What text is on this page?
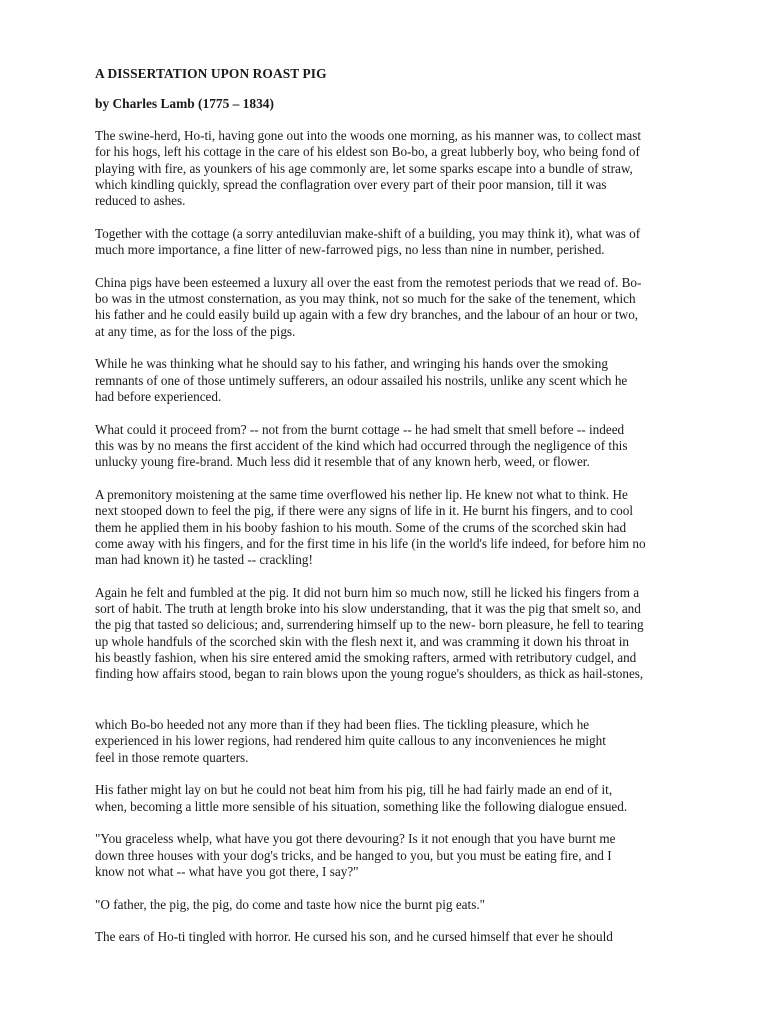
A DISSERTATION UPON ROAST PIG
by Charles Lamb (1775 – 1834)

The swine-herd, Ho-ti, having gone out into the woods one morning, as his manner was, to collect mast
for his hogs, left his cottage in the care of his eldest son Bo-bo, a great lubberly boy, who being fond of
playing with fire, as younkers of his age commonly are, let some sparks escape into a bundle of straw,
which kindling quickly, spread the conflagration over every part of their poor mansion, till it was
reduced to ashes.

Together with the cottage (a sorry antediluvian make-shift of a building, you may think it), what was of
much more importance, a fine litter of new-farrowed pigs, no less than nine in number, perished.

China pigs have been esteemed a luxury all over the east from the remotest periods that we read of. Bo-
bo was in the utmost consternation, as you may think, not so much for the sake of the tenement, which
his father and he could easily build up again with a few dry branches, and the labour of an hour or two,
at any time, as for the loss of the pigs.

While he was thinking what he should say to his father, and wringing his hands over the smoking
remnants of one of those untimely sufferers, an odour assailed his nostrils, unlike any scent which he
had before experienced.

What could it proceed from? -- not from the burnt cottage -- he had smelt that smell before -- indeed
this was by no means the first accident of the kind which had occurred through the negligence of this
unlucky young fire-brand. Much less did it resemble that of any known herb, weed, or flower.

A premonitory moistening at the same time overflowed his nether lip. He knew not what to think. He
next stooped down to feel the pig, if there were any signs of life in it. He burnt his fingers, and to cool
them he applied them in his booby fashion to his mouth. Some of the crums of the scorched skin had
come away with his fingers, and for the first time in his life (in the world's life indeed, for before him no
man had known it) he tasted -- crackling!

Again he felt and fumbled at the pig. It did not burn him so much now, still he licked his fingers from a
sort of habit. The truth at length broke into his slow understanding, that it was the pig that smelt so, and
the pig that tasted so delicious; and, surrendering himself up to the new- born pleasure, he fell to tearing
up whole handfuls of the scorched skin with the flesh next it, and was cramming it down his throat in
his beastly fashion, when his sire entered amid the smoking rafters, armed with retributory cudgel, and
finding how affairs stood, began to rain blows upon the young rogue's shoulders, as thick as hail-stones,

which Bo-bo heeded not any more than if they had been flies. The tickling pleasure, which he
experienced in his lower regions, had rendered him quite callous to any inconveniences he might
feel in those remote quarters.

His father might lay on but he could not beat him from his pig, till he had fairly made an end of it,
when, becoming a little more sensible of his situation, something like the following dialogue ensued.

"You graceless whelp, what have you got there devouring? Is it not enough that you have burnt me
down three houses with your dog's tricks, and be hanged to you, but you must be eating fire, and I
know not what -- what have you got there, I say?"

"O father, the pig, the pig, do come and taste how nice the burnt pig eats."

The ears of Ho-ti tingled with horror. He cursed his son, and he cursed himself that ever he should
